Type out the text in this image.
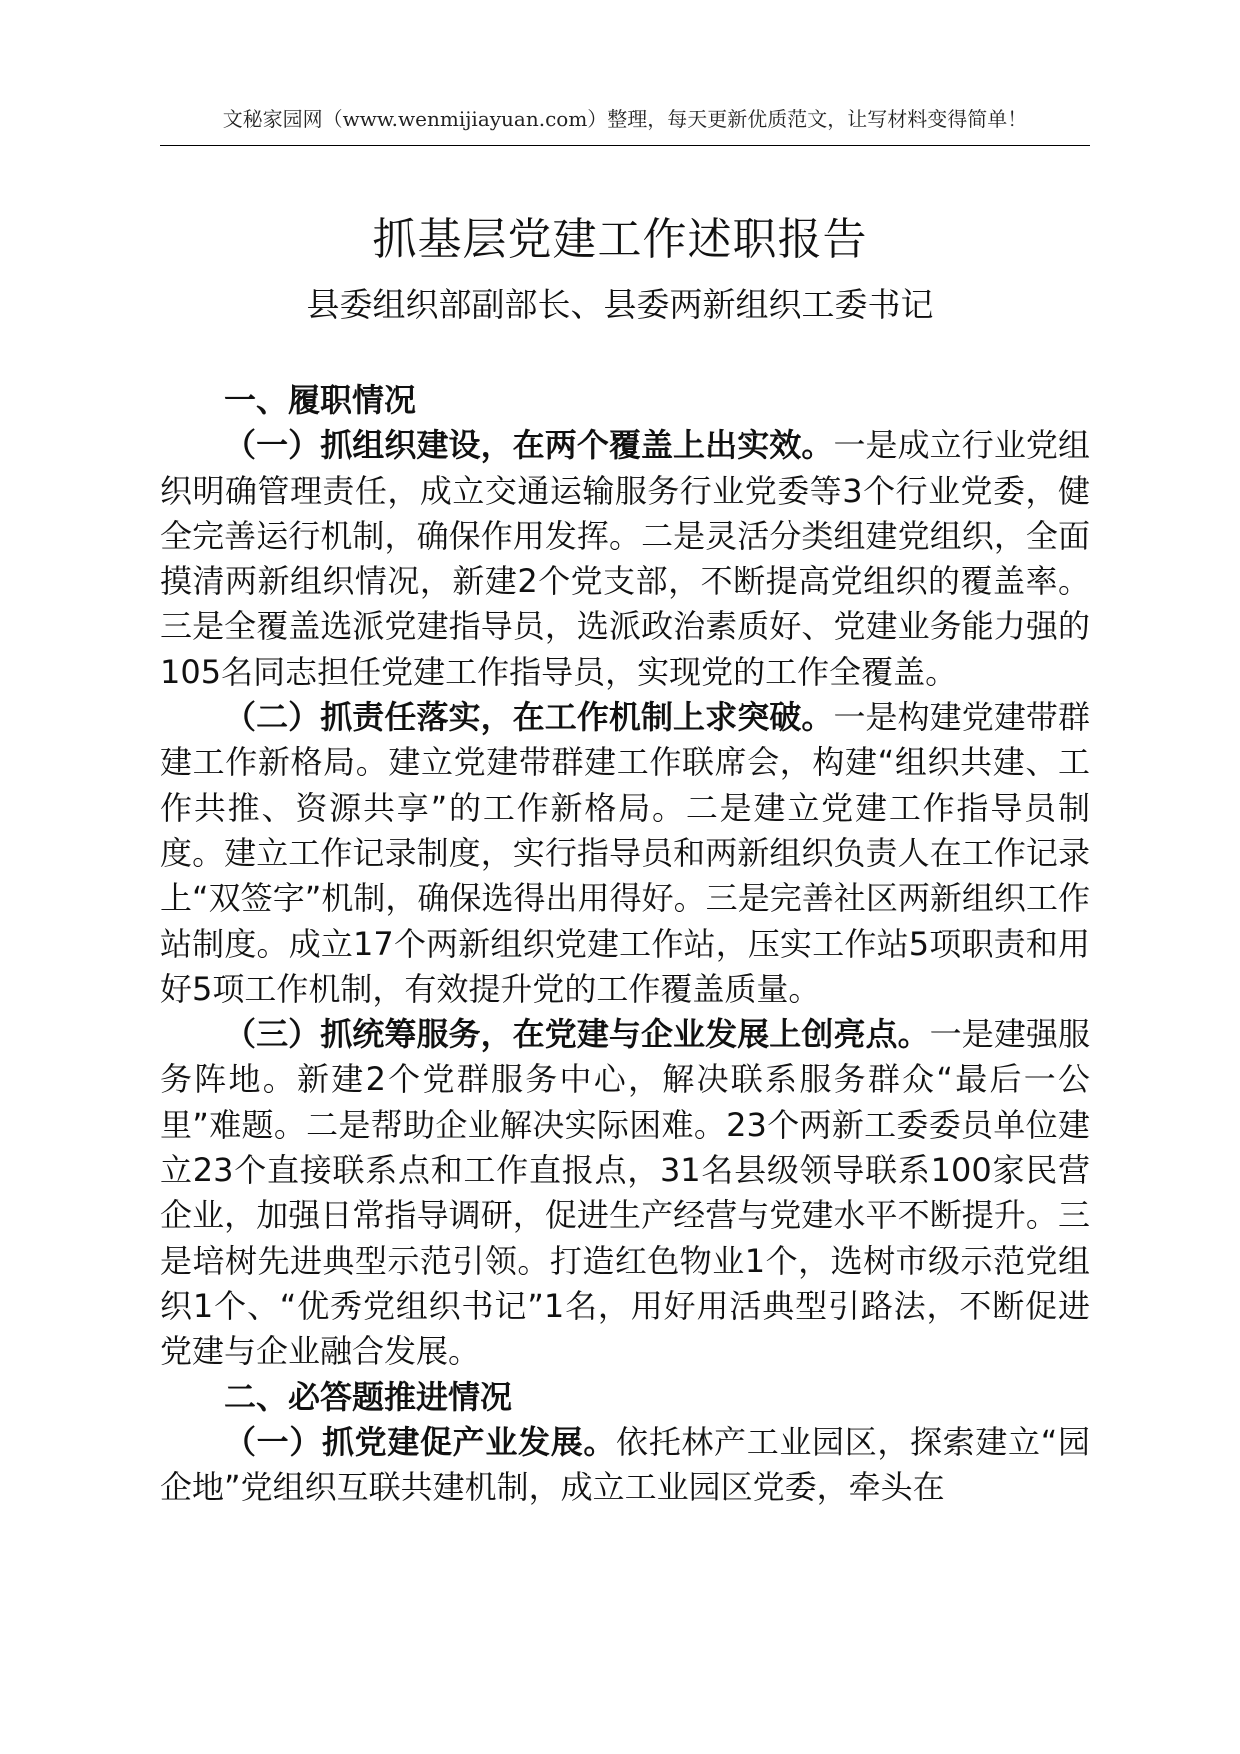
文秘家园网（www.wenmijiayuan.com）整理，每天更新优质范文，让写材料变得简单！
抓基层党建工作述职报告
县委组织部副部长、县委两新组织工委书记

一、履职情况

（一）抓组织建设，在两个覆盖上出实效。一是成立行业党组织明确管理责任，成立交通运输服务行业党委等3个行业党委，健全完善运行机制，确保作用发挥。二是灵活分类组建党组织，全面摸清两新组织情况，新建2个党支部，不断提高党组织的覆盖率。三是全覆盖选派党建指导员，选派政治素质好、党建业务能力强的105名同志担任党建工作指导员，实现党的工作全覆盖。

（二）抓责任落实，在工作机制上求突破。一是构建党建带群建工作新格局。建立党建带群建工作联席会，构建“组织共建、工作共推、资源共享”的工作新格局。二是建立党建工作指导员制度。建立工作记录制度，实行指导员和两新组织负责人在工作记录上“双签字”机制，确保选得出用得好。三是完善社区两新组织工作站制度。成立17个两新组织党建工作站，压实工作站5项职责和用好5项工作机制，有效提升党的工作覆盖质量。

（三）抓统筹服务，在党建与企业发展上创亮点。一是建强服务阵地。新建2个党群服务中心，解决联系服务群众“最后一公里”难题。二是帮助企业解决实际困难。23个两新工委委员单位建立23个直接联系点和工作直报点，31名县级领导联系100家民营企业，加强日常指导调研，促进生产经营与党建水平不断提升。三是培树先进典型示范引领。打造红色物业1个，选树市级示范党组织1个、“优秀党组织书记”1名，用好用活典型引路法，不断促进党建与企业融合发展。

二、必答题推进情况

（一）抓党建促产业发展。依托林产工业园区，探索建立“园企地”党组织互联共建机制，成立工业园区党委，牵头在
